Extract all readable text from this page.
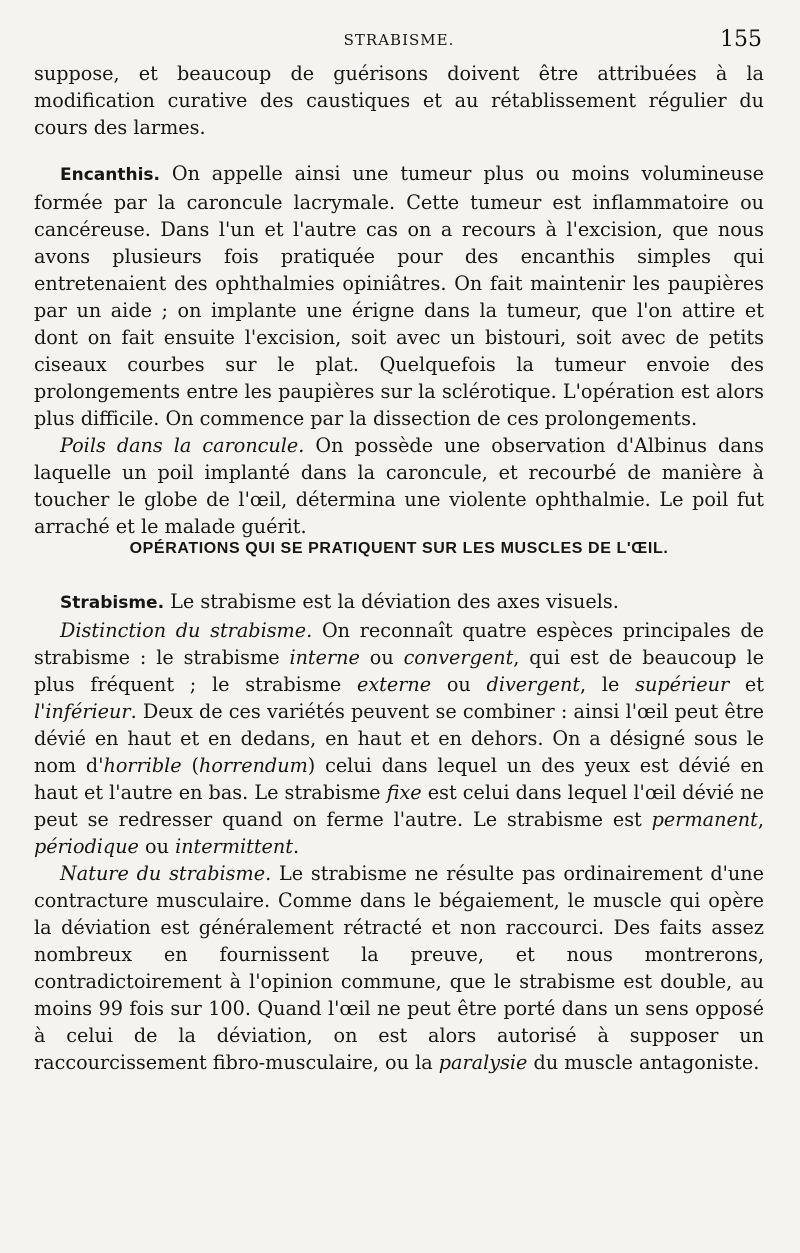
STRABISME.	155

suppose, et beaucoup de guérisons doivent être attribuées à la modification curative des caustiques et au rétablissement régulier du cours des larmes.

Encanthis. On appelle ainsi une tumeur plus ou moins volumineuse formée par la caroncule lacrymale. Cette tumeur est inflammatoire ou cancéreuse. Dans l'un et l'autre cas on a recours à l'excision, que nous avons plusieurs fois pratiquée pour des encanthis simples qui entretenaient des ophthalmies opiniâtres. On fait maintenir les paupières par un aide ; on implante une érigne dans la tumeur, que l'on attire et dont on fait ensuite l'excision, soit avec un bistouri, soit avec de petits ciseaux courbes sur le plat. Quelquefois la tumeur envoie des prolongements entre les paupières sur la sclérotique. L'opération est alors plus difficile. On commence par la dissection de ces prolongements.

Poils dans la caroncule. On possède une observation d'Albinus dans laquelle un poil implanté dans la caroncule, et recourbé de manière à toucher le globe de l'œil, détermina une violente ophthalmie. Le poil fut arraché et le malade guérit.

OPÉRATIONS QUI SE PRATIQUENT SUR LES MUSCLES DE L'ŒIL.

Strabisme. Le strabisme est la déviation des axes visuels.

Distinction du strabisme. On reconnaît quatre espèces principales de strabisme : le strabisme interne ou convergent, qui est de beaucoup le plus fréquent ; le strabisme externe ou divergent, le supérieur et l'inférieur. Deux de ces variétés peuvent se combiner : ainsi l'œil peut être dévié en haut et en dedans, en haut et en dehors. On a désigné sous le nom d'horrible (horrendum) celui dans lequel un des yeux est dévié en haut et l'autre en bas. Le strabisme fixe est celui dans lequel l'œil dévié ne peut se redresser quand on ferme l'autre. Le strabisme est permanent, périodique ou intermittent.

Nature du strabisme. Le strabisme ne résulte pas ordinairement d'une contracture musculaire. Comme dans le bégaiement, le muscle qui opère la déviation est généralement rétracté et non raccourci. Des faits assez nombreux en fournissent la preuve, et nous montrerons, contradictoirement à l'opinion commune, que le strabisme est double, au moins 99 fois sur 100. Quand l'œil ne peut être porté dans un sens opposé à celui de la déviation, on est alors autorisé à supposer un raccourcissement fibro-musculaire, ou la paralysie du muscle antagoniste.
